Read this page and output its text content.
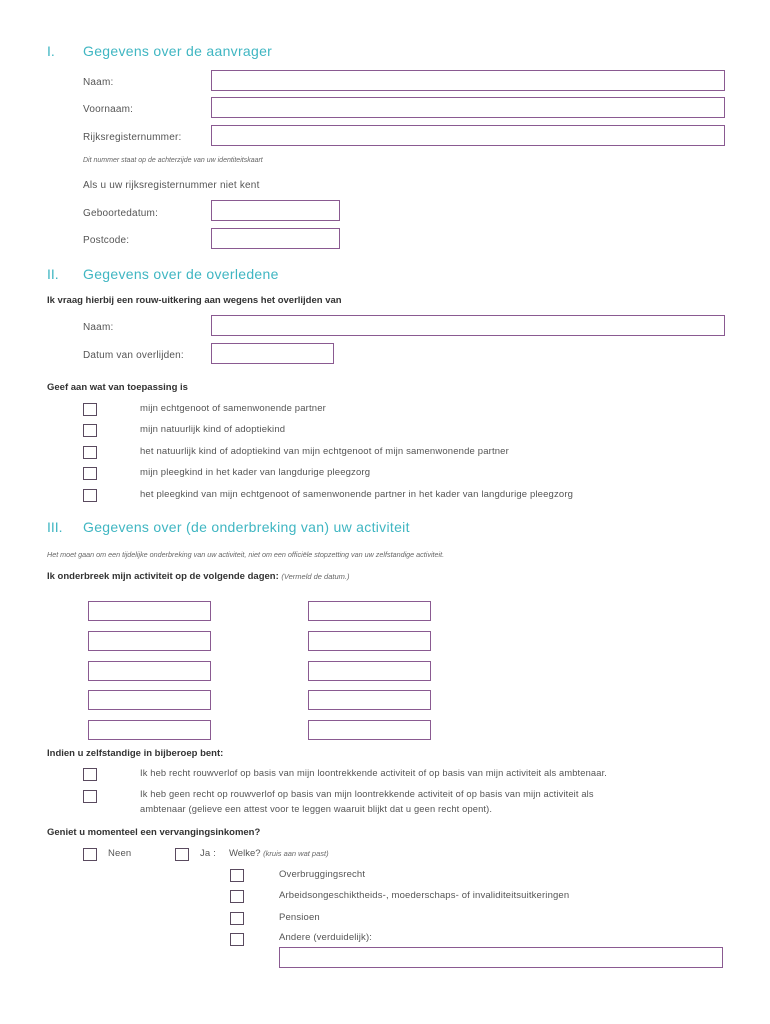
I. Gegevens over de aanvrager
Naam:
Voornaam:
Rijksregisternummer:
Dit nummer staat op de achterzijde van uw identiteitskaart
Als u uw rijksregisternummer niet kent
Geboortedatum:
Postcode:
II. Gegevens over de overledene
Ik vraag hierbij een rouw-uitkering aan wegens het overlijden van
Naam:
Datum van overlijden:
Geef aan wat van toepassing is
mijn echtgenoot of samenwonende partner
mijn natuurlijk kind of adoptiekind
het natuurlijk kind of adoptiekind van mijn echtgenoot of mijn samenwonende partner
mijn pleegkind in het kader van langdurige pleegzorg
het pleegkind van mijn echtgenoot of samenwonende partner in het kader van langdurige pleegzorg
III. Gegevens over (de onderbreking van) uw activiteit
Het moet gaan om een tijdelijke onderbreking van uw activiteit, niet om een officiële stopzetting van uw zelfstandige activiteit.
Ik onderbreek mijn activiteit op de volgende dagen: (Vermeld de datum.)
Indien u zelfstandige in bijberoep bent:
Ik heb recht rouwverlof op basis van mijn loontrekkende activiteit of op basis van mijn activiteit als ambtenaar.
Ik heb geen recht op rouwverlof op basis van mijn loontrekkende activiteit of op basis van mijn activiteit als
ambtenaar (gelieve een attest voor te leggen waaruit blijkt dat u geen recht opent).
Geniet u momenteel een vervangingsinkomen?
Neen	Ja : Welke? (kruis aan wat past)
Overbruggingsrecht
Arbeidsongeschiktheids-, moederschaps- of invaliditeitsuitkeringen
Pensioen
Andere (verduidelijk):
